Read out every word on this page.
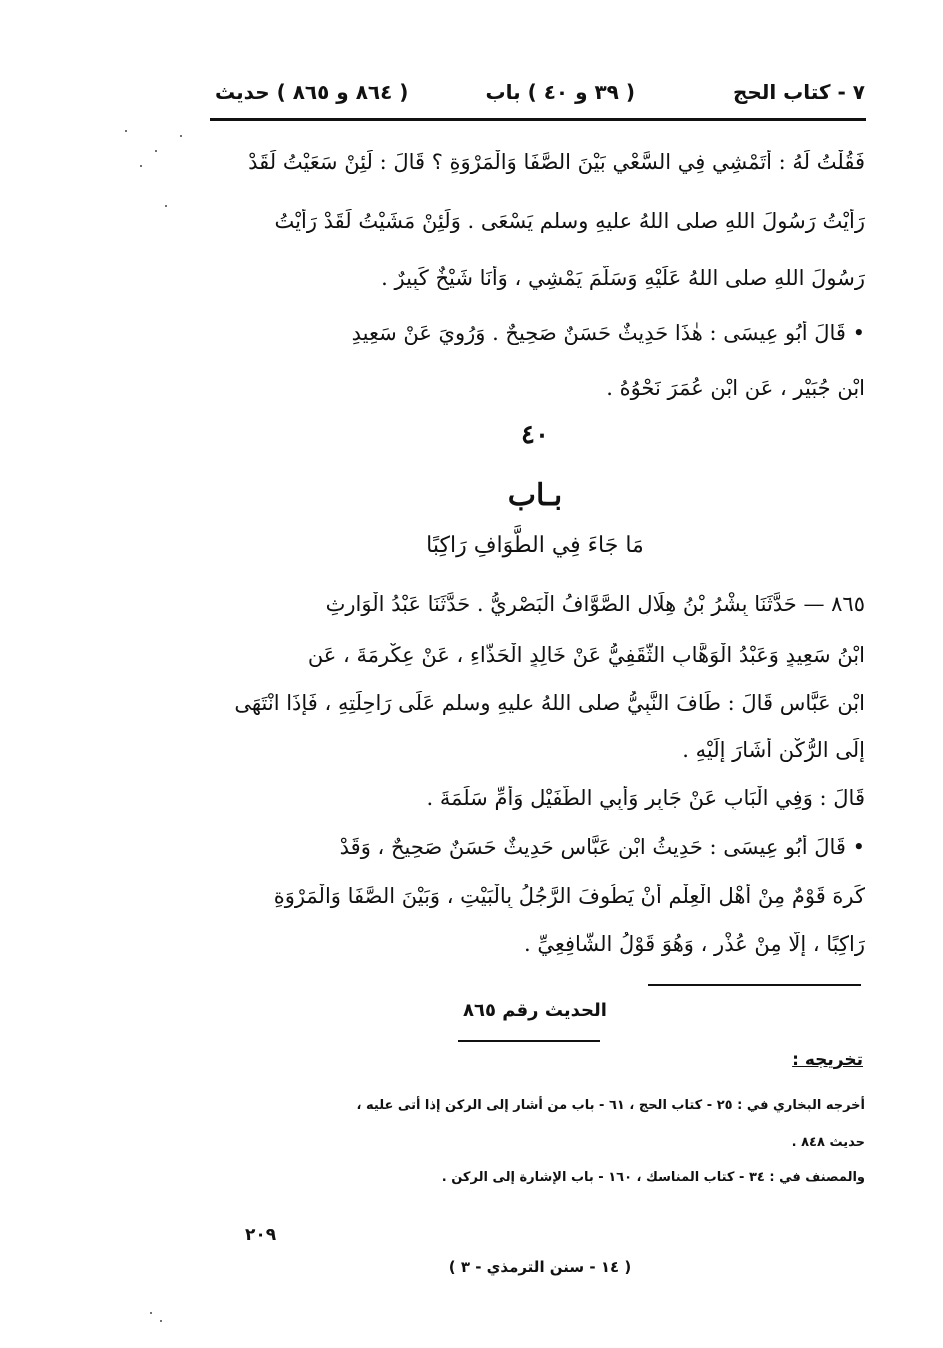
٧ - كتاب الحج
( ٣٩ و ٤٠ ) باب
( ٨٦٤ و ٨٦٥ ) حديث
فَقُلْتُ لَهُ : أَتَمْشِي فِي السَّعْيِ بَيْنَ الصَّفَا وَالْمَرْوَةِ ؟ قَالَ : لَئِنْ سَعَيْتُ لَقَدْ
رَأَيْتُ رَسُولَ اللهِ صلى اللهُ عليهِ وسلم يَسْعَى . وَلَئِنْ مَشَيْتُ لَقَدْ رَأَيْتُ
رَسُولَ اللهِ صلى اللهُ عَلَيْهِ وَسَلَّمَ يَمْشِي ، وَأَنَا شَيْخٌ كَبِيرٌ .
• قَالَ أَبُو عِيسَى : هٰذَا حَدِيثٌ حَسَنٌ صَحِيحٌ . وَرُوِيَ عَنْ سَعِيدِ
ابْنِ جُبَيْرٍ ، عَنِ ابْنِ عُمَرَ نَحْوُهُ .
٤٠
بـاب
مَا جَاءَ فِي الطَّوَافِ رَاكِبًا
٨٦٥ — حَدَّثَنَا بِشْرُ بْنُ هِلَالٍ الصَّوَّافُ الْبَصْرِيُّ . حَدَّثَنَا عَبْدُ الْوَارِثِ
ابْنُ سَعِيدٍ وَعَبْدُ الْوَهَّابِ الثَّقَفِيُّ عَنْ خَالِدٍ الْحَذَّاءِ ، عَنْ عِكْرِمَةَ ، عَنِ
ابْنِ عَبَّاسٍ قَالَ : طَافَ النَّبِيُّ صلى اللهُ عليهِ وسلم عَلَى رَاحِلَتِهِ ، فَإِذَا انْتَهَى
إِلَى الرُّكْنِ أَشَارَ إِلَيْهِ .
قَالَ : وَفِي الْبَابِ عَنْ جَابِرٍ وَأَبِي الطُّفَيْلِ وَأُمِّ سَلَمَةَ .
• قَالَ أَبُو عِيسَى : حَدِيثُ ابْنِ عَبَّاسٍ حَدِيثٌ حَسَنٌ صَحِيحٌ ، وَقَدْ
كَرِهَ قَوْمٌ مِنْ أَهْلِ الْعِلْمِ أَنْ يَطُوفَ الرَّجُلُ بِالْبَيْتِ ، وَبَيْنَ الصَّفَا وَالْمَرْوَةِ
رَاكِبًا ، إِلَّا مِنْ عُذْرٍ ، وَهُوَ قَوْلُ الشَّافِعِيِّ .
الحديث رقم ٨٦٥
تخريجه :
أخرجه البخاري في : ٢٥ - كتاب الحج ، ٦١ - باب من أشار إلى الركن إذا أتى عليه ،
حديث ٨٤٨ .
والمصنف في : ٣٤ - كتاب المناسك ، ١٦٠ - باب الإشارة إلى الركن .
٢٠٩
( ١٤ - سنن الترمذي - ٣ )
